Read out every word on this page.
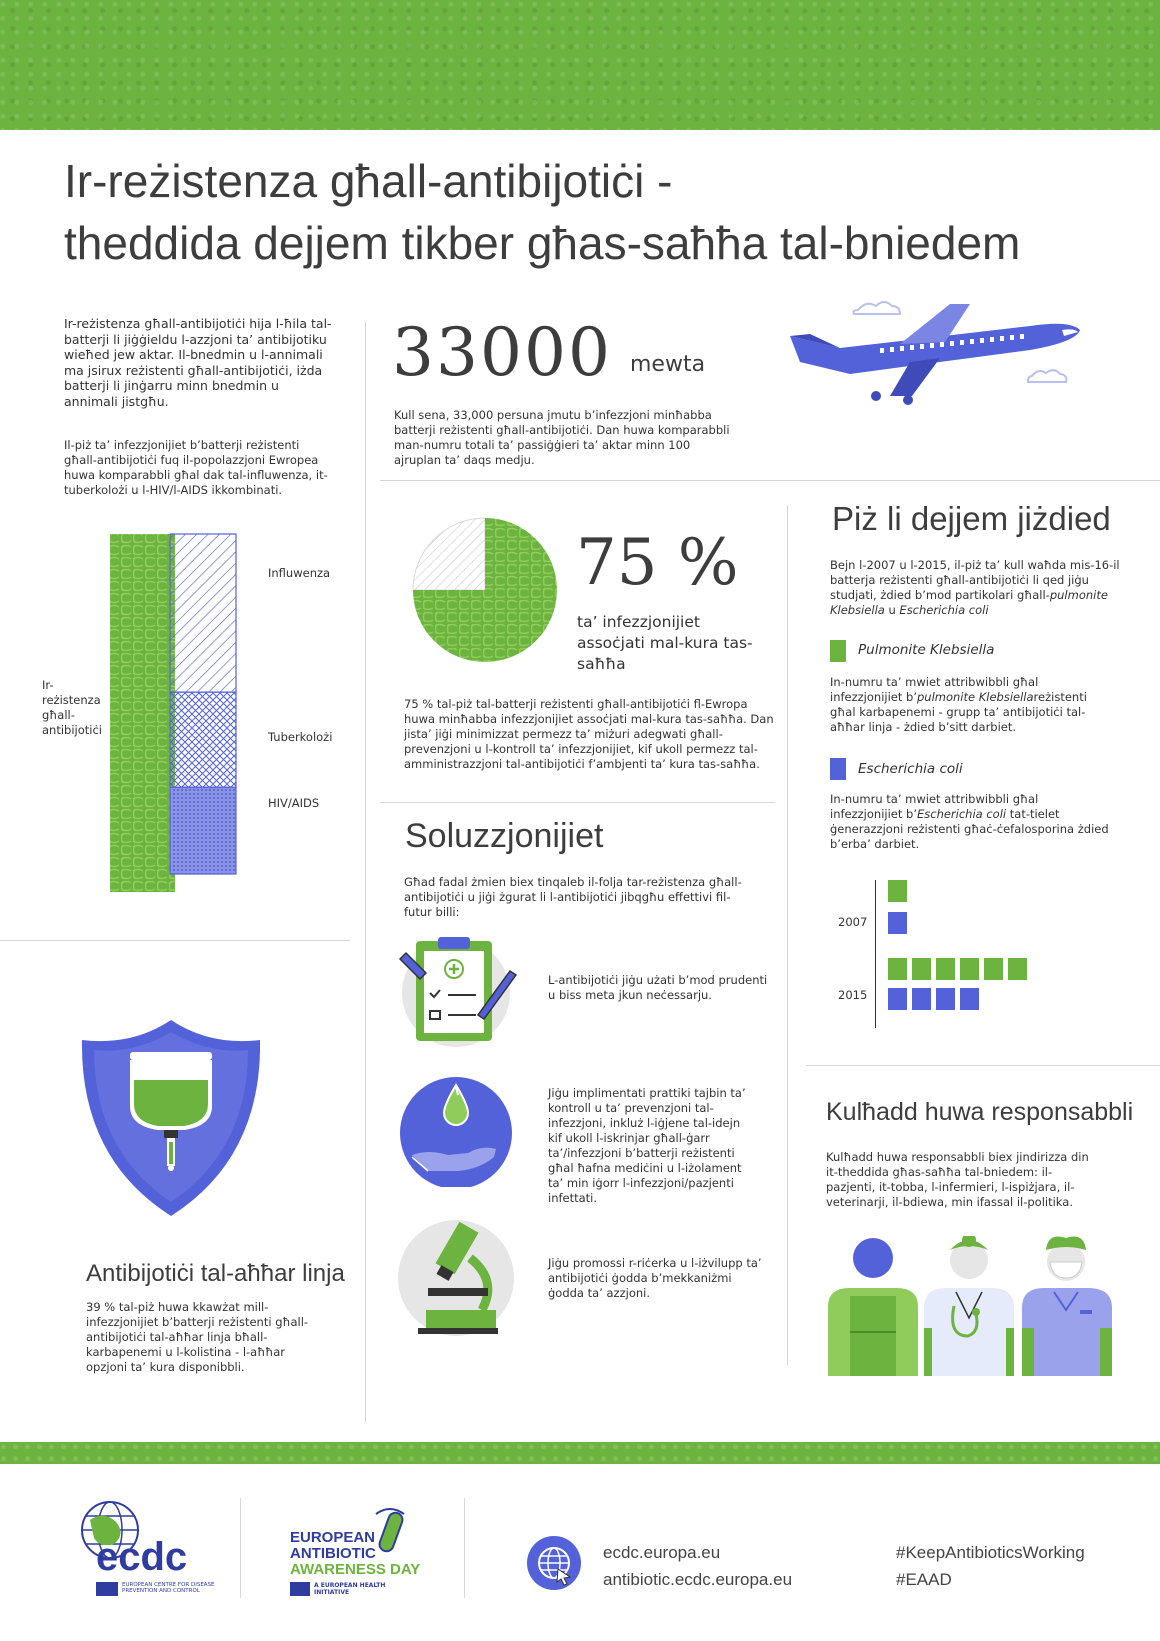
Ir-reżistenza għall-antibijotiċi -
theddida dejjem tikber għas-saħħa tal-bniedem
Ir-reżistenza għall-antibijotiċi hija l-ħila tal-batterji li jiġġieldu l-azzjoni ta’ antibijotiku wieħed jew aktar. Il-bnedmin u l-annimali ma jsirux reżistenti għall-antibijotiċi, iżda batterji li jinġarru minn bnedmin u annimali jistgħu.
Il-piż ta’ infezzjonijiet b’batterji reżistenti għall-antibijotiċi fuq il-popolazzjoni Ewropea huwa komparabbli għal dak tal-influwenza, it-tuberkolożi u l-HIV/l-AIDS ikkombinati.
Ir-reżistenza għall-antibijotiċi
Influwenza
Tuberkolożi
HIV/AIDS
33000 mewta
Kull sena, 33,000 persuna jmutu b’infezzjoni minħabba batterji reżistenti għall-antibijotiċi. Dan huwa komparabbli man-numru totali ta’ passiġġieri ta’ aktar minn 100 ajruplan ta’ daqs medju.
75 %
ta’ infezzjonijiet assoċjati mal-kura tas-saħħa
75 % tal-piż tal-batterji reżistenti għall-antibijotiċi fl-Ewropa huwa minħabba infezzjonijiet assoċjati mal-kura tas-saħħa. Dan jista’ jiġi minimizzat permezz ta’ miżuri adegwati għall-prevenzjoni u l-kontroll ta’ infezzjonijiet, kif ukoll permezz tal-amministrazzjoni tal-antibijotiċi f’ambjenti ta’ kura tas-saħħa.
Piż li dejjem jiżdied
Bejn l-2007 u l-2015, il-piż ta’ kull waħda mis-16-il batterja reżistenti għall-antibijotiċi li qed jiġu studjati, żdied b’mod partikolari għall-pulmonite Klebsiella u Escherichia coli
Pulmonite Klebsiella
In-numru ta’ mwiet attribwibbli għal infezzjonijiet b’pulmonite Klebsiellareżistenti għal karbapenemi - grupp ta’ antibijotiċi tal-aħħar linja - żdied b’sitt darbiet.
Escherichia coli
In-numru ta’ mwiet attribwibbli għal infezzjonijiet b’Escherichia coli tat-tielet ġenerazzjoni reżistenti għaċ-ċefalosporina żdied b’erba’ darbiet.
2007
2015
Soluzzjonijiet
Għad fadal żmien biex tinqaleb il-folja tar-reżistenza għall-antibijotiċi u jiġi żgurat li l-antibijotiċi jibqgħu effettivi fil-futur billi:
L-antibijotiċi jiġu użati b’mod prudenti u biss meta jkun neċessarju.
Jiġu implimentati prattiki tajbin ta’ kontroll u ta’ prevenzjoni tal-infezzjoni, inkluż l-iġjene tal-idejn kif ukoll l-iskrinjar għall-ġarr ta’/infezzjoni b’batterji reżistenti għal ħafna mediċini u l-iżolament ta’ min iġorr l-infezzjoni/pazjenti infettati.
Jiġu promossi r-riċerka u l-iżvilupp ta’ antibijotiċi ġodda b’mekkaniżmi ġodda ta’ azzjoni.
Antibijotiċi tal-aħħar linja
39 % tal-piż huwa kkawżat mill-infezzjonijiet b’batterji reżistenti għall-antibijotiċi tal-aħħar linja bħall-karbapenemi u l-kolistina - l-aħħar opzjoni ta’ kura disponibbli.
Kulħadd huwa responsabbli
Kulħadd huwa responsabbli biex jindirizza din it-theddida għas-saħħa tal-bniedem: il-pazjenti, it-tobba, l-infermieri, l-ispiżjara, il-veterinarji, il-bdiewa, min ifassal il-politika.
ecdc
EUROPEAN CENTRE FOR DISEASE PREVENTION AND CONTROL
EUROPEAN
ANTIBIOTIC
AWARENESS DAY
A EUROPEAN HEALTH INITIATIVE
ecdc.europa.eu
antibiotic.ecdc.europa.eu
#KeepAntibioticsWorking
#EAAD
